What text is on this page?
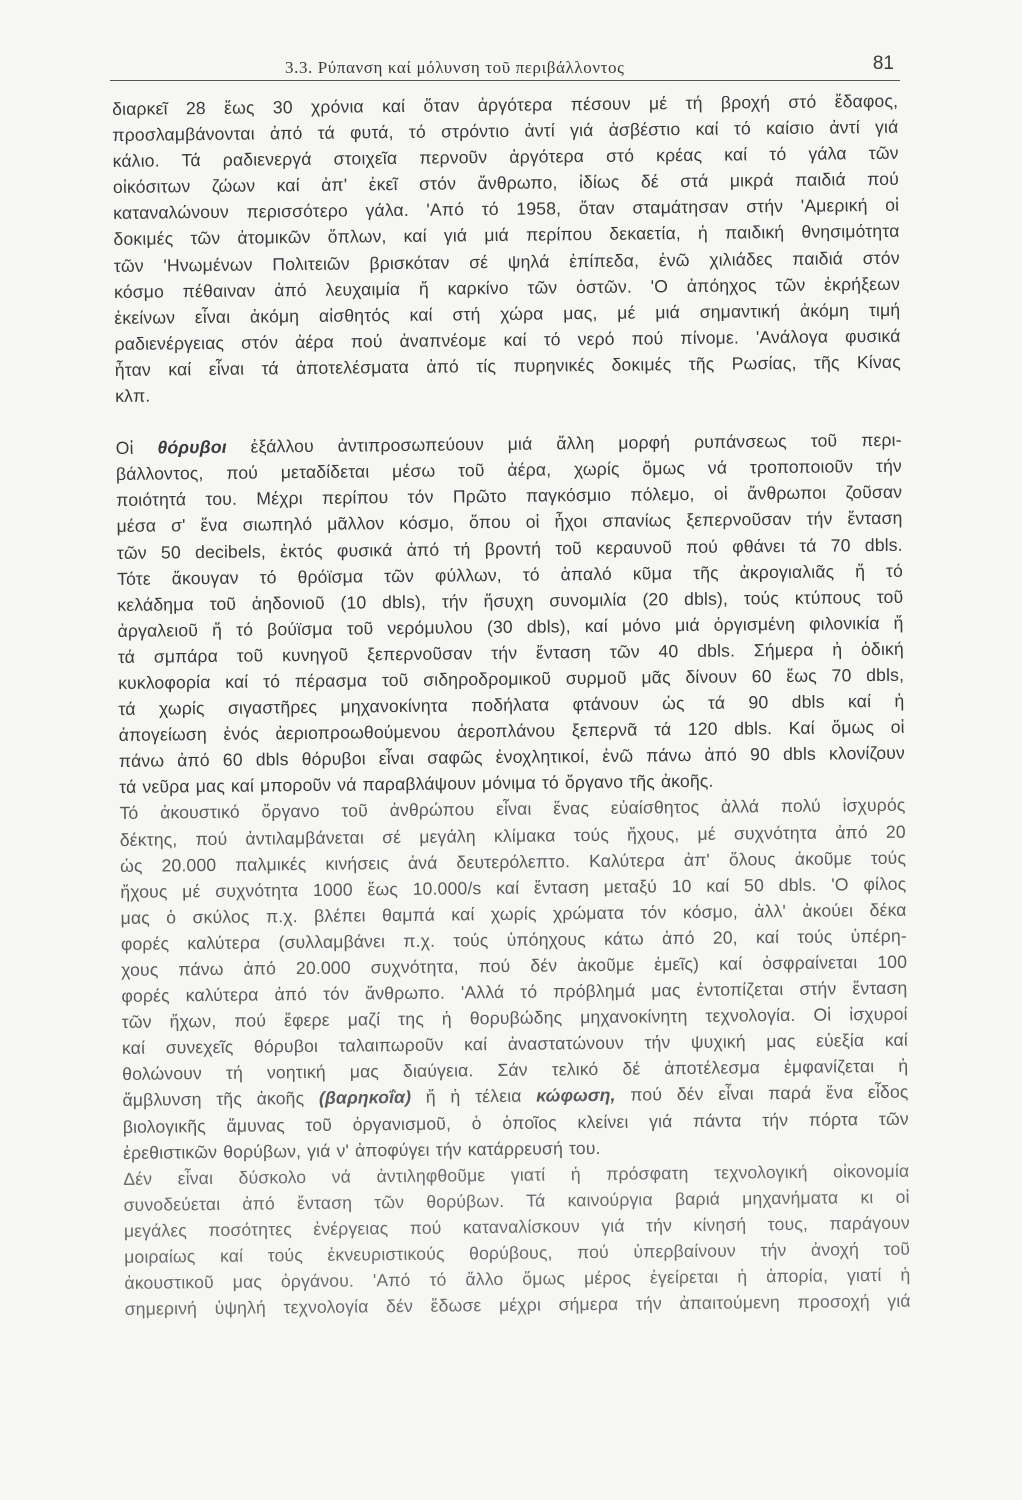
3.3. Ρύπανση καί μόλυνση τοῦ περιβάλλοντος	81
διαρκεῖ 28 ἕως 30 χρόνια καί ὅταν ἀργότερα πέσουν μέ τή βροχή στό ἔδαφος,
προσλαμβάνονται ἀπό τά φυτά, τό στρόντιο ἀντί γιά ἀσβέστιο καί τό καίσιο ἀντί γιά
κάλιο. Τά ραδιενεργά στοιχεῖα περνοῦν ἀργότερα στό κρέας καί τό γάλα τῶν
οἰκόσιτων ζώων καί ἀπ' ἐκεῖ στόν ἄνθρωπο, ἰδίως δέ στά μικρά παιδιά πού
καταναλώνουν περισσότερο γάλα. 'Από τό 1958, ὅταν σταμάτησαν στήν 'Αμερική οἱ
δοκιμές τῶν ἀτομικῶν ὅπλων, καί γιά μιά περίπου δεκαετία, ἡ παιδική θνησιμότητα
τῶν 'Ηνωμένων Πολιτειῶν βρισκόταν σέ ψηλά ἐπίπεδα, ἐνῶ χιλιάδες παιδιά στόν
κόσμο πέθαιναν ἀπό λευχαιμία ἤ καρκίνο τῶν ὀστῶν. 'Ο ἀπόηχος τῶν ἐκρήξεων
ἐκείνων εἶναι ἀκόμη αἰσθητός καί στή χώρα μας, μέ μιά σημαντική ἀκόμη τιμή
ραδιενέργειας στόν ἀέρα πού ἀναπνέομε καί τό νερό πού πίνομε. 'Ανάλογα φυσικά
ἦταν καί εἶναι τά ἀποτελέσματα ἀπό τίς πυρηνικές δοκιμές τῆς Ρωσίας, τῆς Κίνας
κλπ.
Οἱ θόρυβοι ἐξάλλου ἀντιπροσωπεύουν μιά ἄλλη μορφή ρυπάνσεως τοῦ περι-
βάλλοντος, πού μεταδίδεται μέσω τοῦ ἀέρα, χωρίς ὅμως νά τροποποιοῦν τήν
ποιότητά του. Μέχρι περίπου τόν Πρῶτο παγκόσμιο πόλεμο, οἱ ἄνθρωποι ζοῦσαν
μέσα σ' ἕνα σιωπηλό μᾶλλον κόσμο, ὅπου οἱ ἦχοι σπανίως ξεπερνοῦσαν τήν ἔνταση
τῶν 50 decibels, ἐκτός φυσικά ἀπό τή βροντή τοῦ κεραυνοῦ πού φθάνει τά 70 dbls.
Τότε ἄκουγαν τό θρόϊσμα τῶν φύλλων, τό ἁπαλό κῦμα τῆς ἀκρογιαλιᾶς ἤ τό
κελάδημα τοῦ ἀηδονιοῦ (10 dbls), τήν ἥσυχη συνομιλία (20 dbls), τούς κτύπους τοῦ
ἀργαλειοῦ ἤ τό βούϊσμα τοῦ νερόμυλου (30 dbls), καί μόνο μιά ὀργισμένη φιλονικία ἤ
τά σμπάρα τοῦ κυνηγοῦ ξεπερνοῦσαν τήν ἔνταση τῶν 40 dbls. Σήμερα ἡ ὁδική
κυκλοφορία καί τό πέρασμα τοῦ σιδηροδρομικοῦ συρμοῦ μᾶς δίνουν 60 ἕως 70 dbls,
τά χωρίς σιγαστῆρες μηχανοκίνητα ποδήλατα φτάνουν ὡς τά 90 dbls καί ἡ
ἀπογείωση ἑνός ἀεριοπροωθούμενου ἀεροπλάνου ξεπερνᾶ τά 120 dbls. Καί ὅμως οἱ
πάνω ἀπό 60 dbls θόρυβοι εἶναι σαφῶς ἐνοχλητικοί, ἐνῶ πάνω ἀπό 90 dbls κλονίζουν
τά νεῦρα μας καί μποροῦν νά παραβλάψουν μόνιμα τό ὄργανο τῆς ἀκοῆς.
Τό ἀκουστικό ὄργανο τοῦ ἀνθρώπου εἶναι ἕνας εὐαίσθητος ἀλλά πολύ ἰσχυρός
δέκτης, πού ἀντιλαμβάνεται σέ μεγάλη κλίμακα τούς ἤχους, μέ συχνότητα ἀπό 20
ὡς 20.000 παλμικές κινήσεις ἀνά δευτερόλεπτο. Καλύτερα ἀπ' ὅλους ἀκοῦμε τούς
ἤχους μέ συχνότητα 1000 ἕως 10.000/s καί ἔνταση μεταξύ 10 καί 50 dbls. 'Ο φίλος
μας ὁ σκύλος π.χ. βλέπει θαμπά καί χωρίς χρώματα τόν κόσμο, ἀλλ' ἀκούει δέκα
φορές καλύτερα (συλλαμβάνει π.χ. τούς ὑπόηχους κάτω ἀπό 20, καί τούς ὑπέρη-
χους πάνω ἀπό 20.000 συχνότητα, πού δέν ἀκοῦμε ἐμεῖς) καί ὀσφραίνεται 100
φορές καλύτερα ἀπό τόν ἄνθρωπο. 'Αλλά τό πρόβλημά μας ἐντοπίζεται στήν ἔνταση
τῶν ἤχων, πού ἔφερε μαζί της ἡ θορυβώδης μηχανοκίνητη τεχνολογία. Οἱ ἰσχυροί
καί συνεχεῖς θόρυβοι ταλαιπωροῦν καί ἀναστατώνουν τήν ψυχική μας εὐεξία καί
θολώνουν τή νοητική μας διαύγεια. Σάν τελικό δέ ἀποτέλεσμα ἐμφανίζεται ἡ
ἄμβλυνση τῆς ἀκοῆς (βαρηκοΐα) ἤ ἡ τέλεια κώφωση, πού δέν εἶναι παρά ἕνα εἶδος
βιολογικῆς ἄμυνας τοῦ ὀργανισμοῦ, ὁ ὁποῖος κλείνει γιά πάντα τήν πόρτα τῶν
ἐρεθιστικῶν θορύβων, γιά ν' ἀποφύγει τήν κατάρρευσή του.
Δέν εἶναι δύσκολο νά ἀντιληφθοῦμε γιατί ἡ πρόσφατη τεχνολογική οἰκονομία
συνοδεύεται ἀπό ἔνταση τῶν θορύβων. Τά καινούργια βαριά μηχανήματα κι οἱ
μεγάλες ποσότητες ἐνέργειας πού καταναλίσκουν γιά τήν κίνησή τους, παράγουν
μοιραίως καί τούς ἐκνευριστικούς θορύβους, πού ὑπερβαίνουν τήν ἀνοχή τοῦ
ἀκουστικοῦ μας ὀργάνου. 'Από τό ἄλλο ὅμως μέρος ἐγείρεται ἡ ἀπορία, γιατί ἡ
σημερινή ὑψηλή τεχνολογία δέν ἔδωσε μέχρι σήμερα τήν ἀπαιτούμενη προσοχή γιά
